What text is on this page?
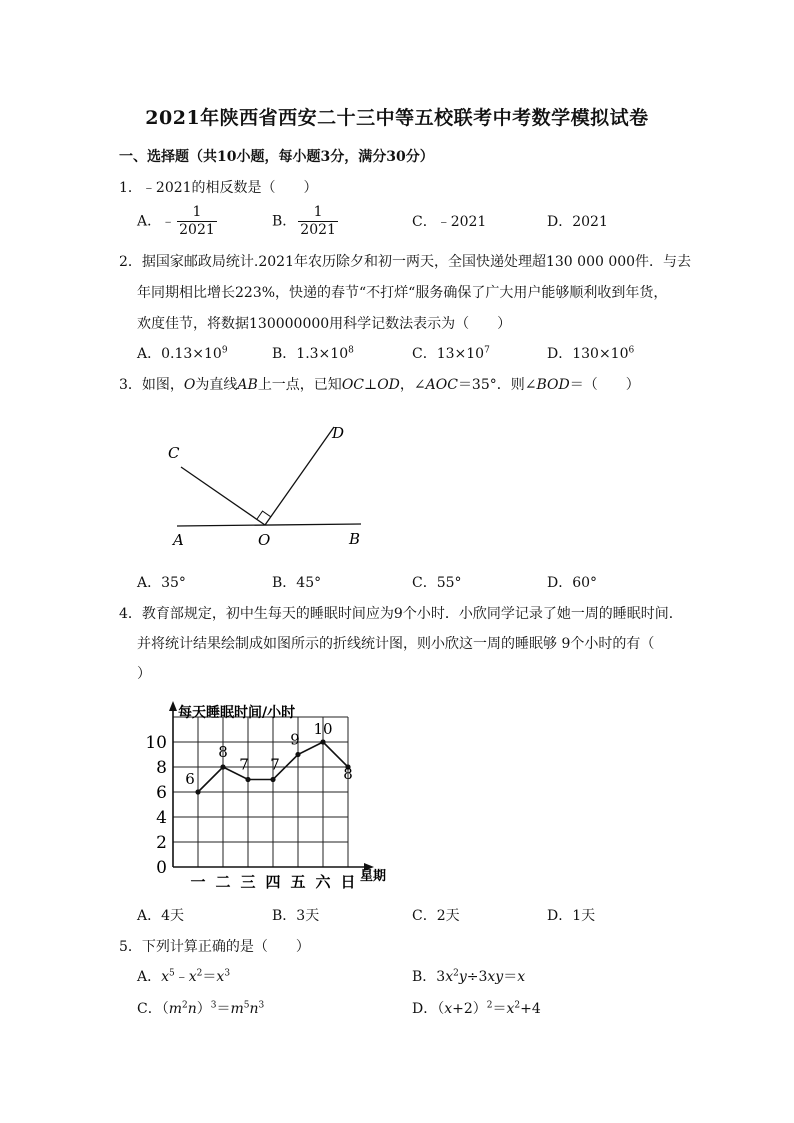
2021年陕西省西安二十三中等五校联考中考数学模拟试卷
一、选择题（共10小题，每小题3分，满分30分）
1．﹣2021的相反数是（　　）
A．﹣ $\frac{1}{2021}$	B． $\frac{1}{2021}$	C．﹣2021	D．2021
2．据国家邮政局统计.2021年农历除夕和初一两天，全国快递处理超130 000 000件．与去
年同期相比增长223%，快递的春节“不打烊“服务确保了广大用户能够顺利收到年货，
欢度佳节，将数据130000000用科学记数法表示为（　　）
A．$0.13\times 10^9$	B．$1.3\times 10^8$	C．$13\times 10^7$	D．$130\times 10^6$
3．如图，O为直线AB上一点，已知OC⊥OD，∠AOC＝35°．则∠BOD＝（　　）
C
D
A	O	B
A．35°	B．45°	C．55°	D．60°
4．教育部规定，初中生每天的睡眠时间应为9个小时．小欣同学记录了她一周的睡眠时间．
并将统计结果绘制成如图所示的折线统计图，则小欣这一周的睡眠够 9个小时的有（
）
0
2
4
6
8
10
一 二 三 四 五 六 日
6
8
7 7
9
10
8
每天睡眠时间/小时
星期
A．4天	B．3天	C．2天	D．1天
5．下列计算正确的是（　　）
A．$x^5﹣x^2=x^3$	B．$3x^2y\div 3xy=x$
C．$(m^2n)^3=m^5n^3$	D．$(x+2)^2=x^2+4$
